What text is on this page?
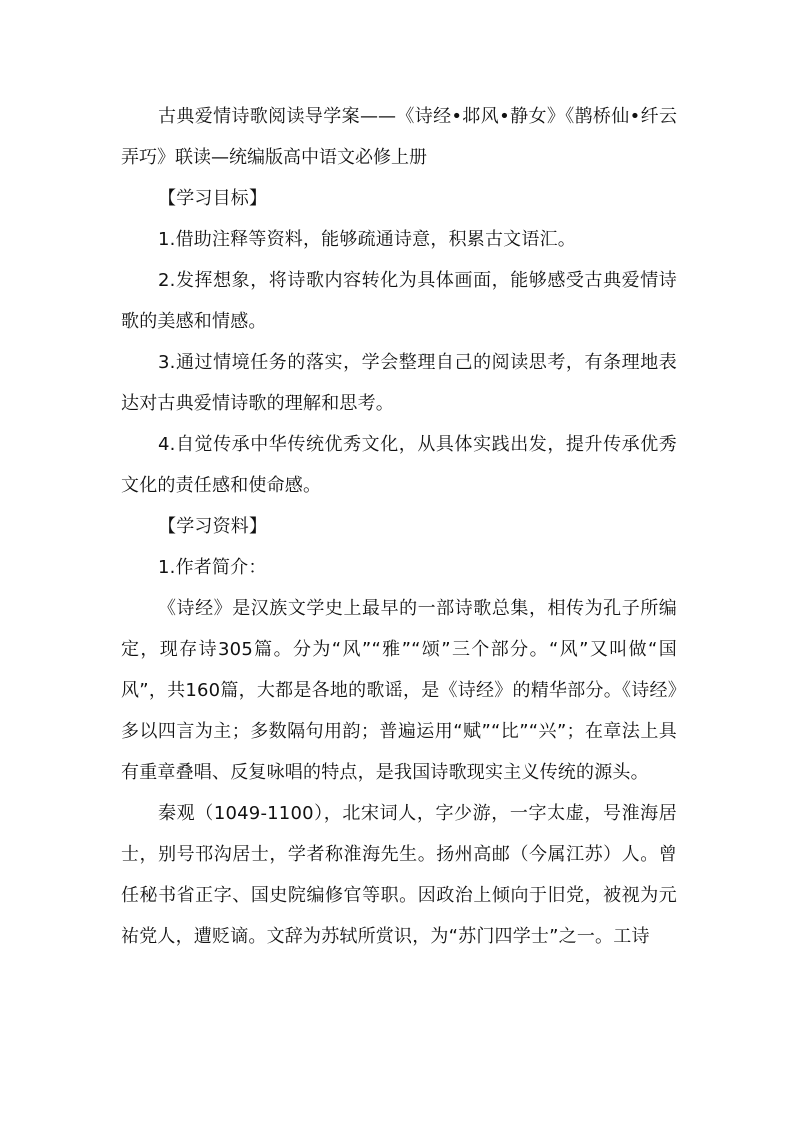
古典爱情诗歌阅读导学案——《诗经•邶风•静女》《鹊桥仙•纤云弄巧》联读—统编版高中语文必修上册

【学习目标】

1.借助注释等资料，能够疏通诗意，积累古文语汇。

2.发挥想象，将诗歌内容转化为具体画面，能够感受古典爱情诗歌的美感和情感。

3.通过情境任务的落实，学会整理自己的阅读思考，有条理地表达对古典爱情诗歌的理解和思考。

4.自觉传承中华传统优秀文化，从具体实践出发，提升传承优秀文化的责任感和使命感。

【学习资料】

1.作者简介：

《诗经》是汉族文学史上最早的一部诗歌总集，相传为孔子所编定，现存诗305篇。分为“风”“雅”“颂”三个部分。“风”又叫做“国风”，共160篇，大都是各地的歌谣，是《诗经》的精华部分。《诗经》多以四言为主；多数隔句用韵；普遍运用“赋”“比”“兴”；在章法上具有重章叠唱、反复咏唱的特点，是我国诗歌现实主义传统的源头。

秦观（1049-1100），北宋词人，字少游，一字太虚，号淮海居士，别号邗沟居士，学者称淮海先生。扬州高邮（今属江苏）人。曾任秘书省正字、国史院编修官等职。因政治上倾向于旧党，被视为元祐党人，遭贬谪。文辞为苏轼所赏识，为“苏门四学士”之一。工诗
